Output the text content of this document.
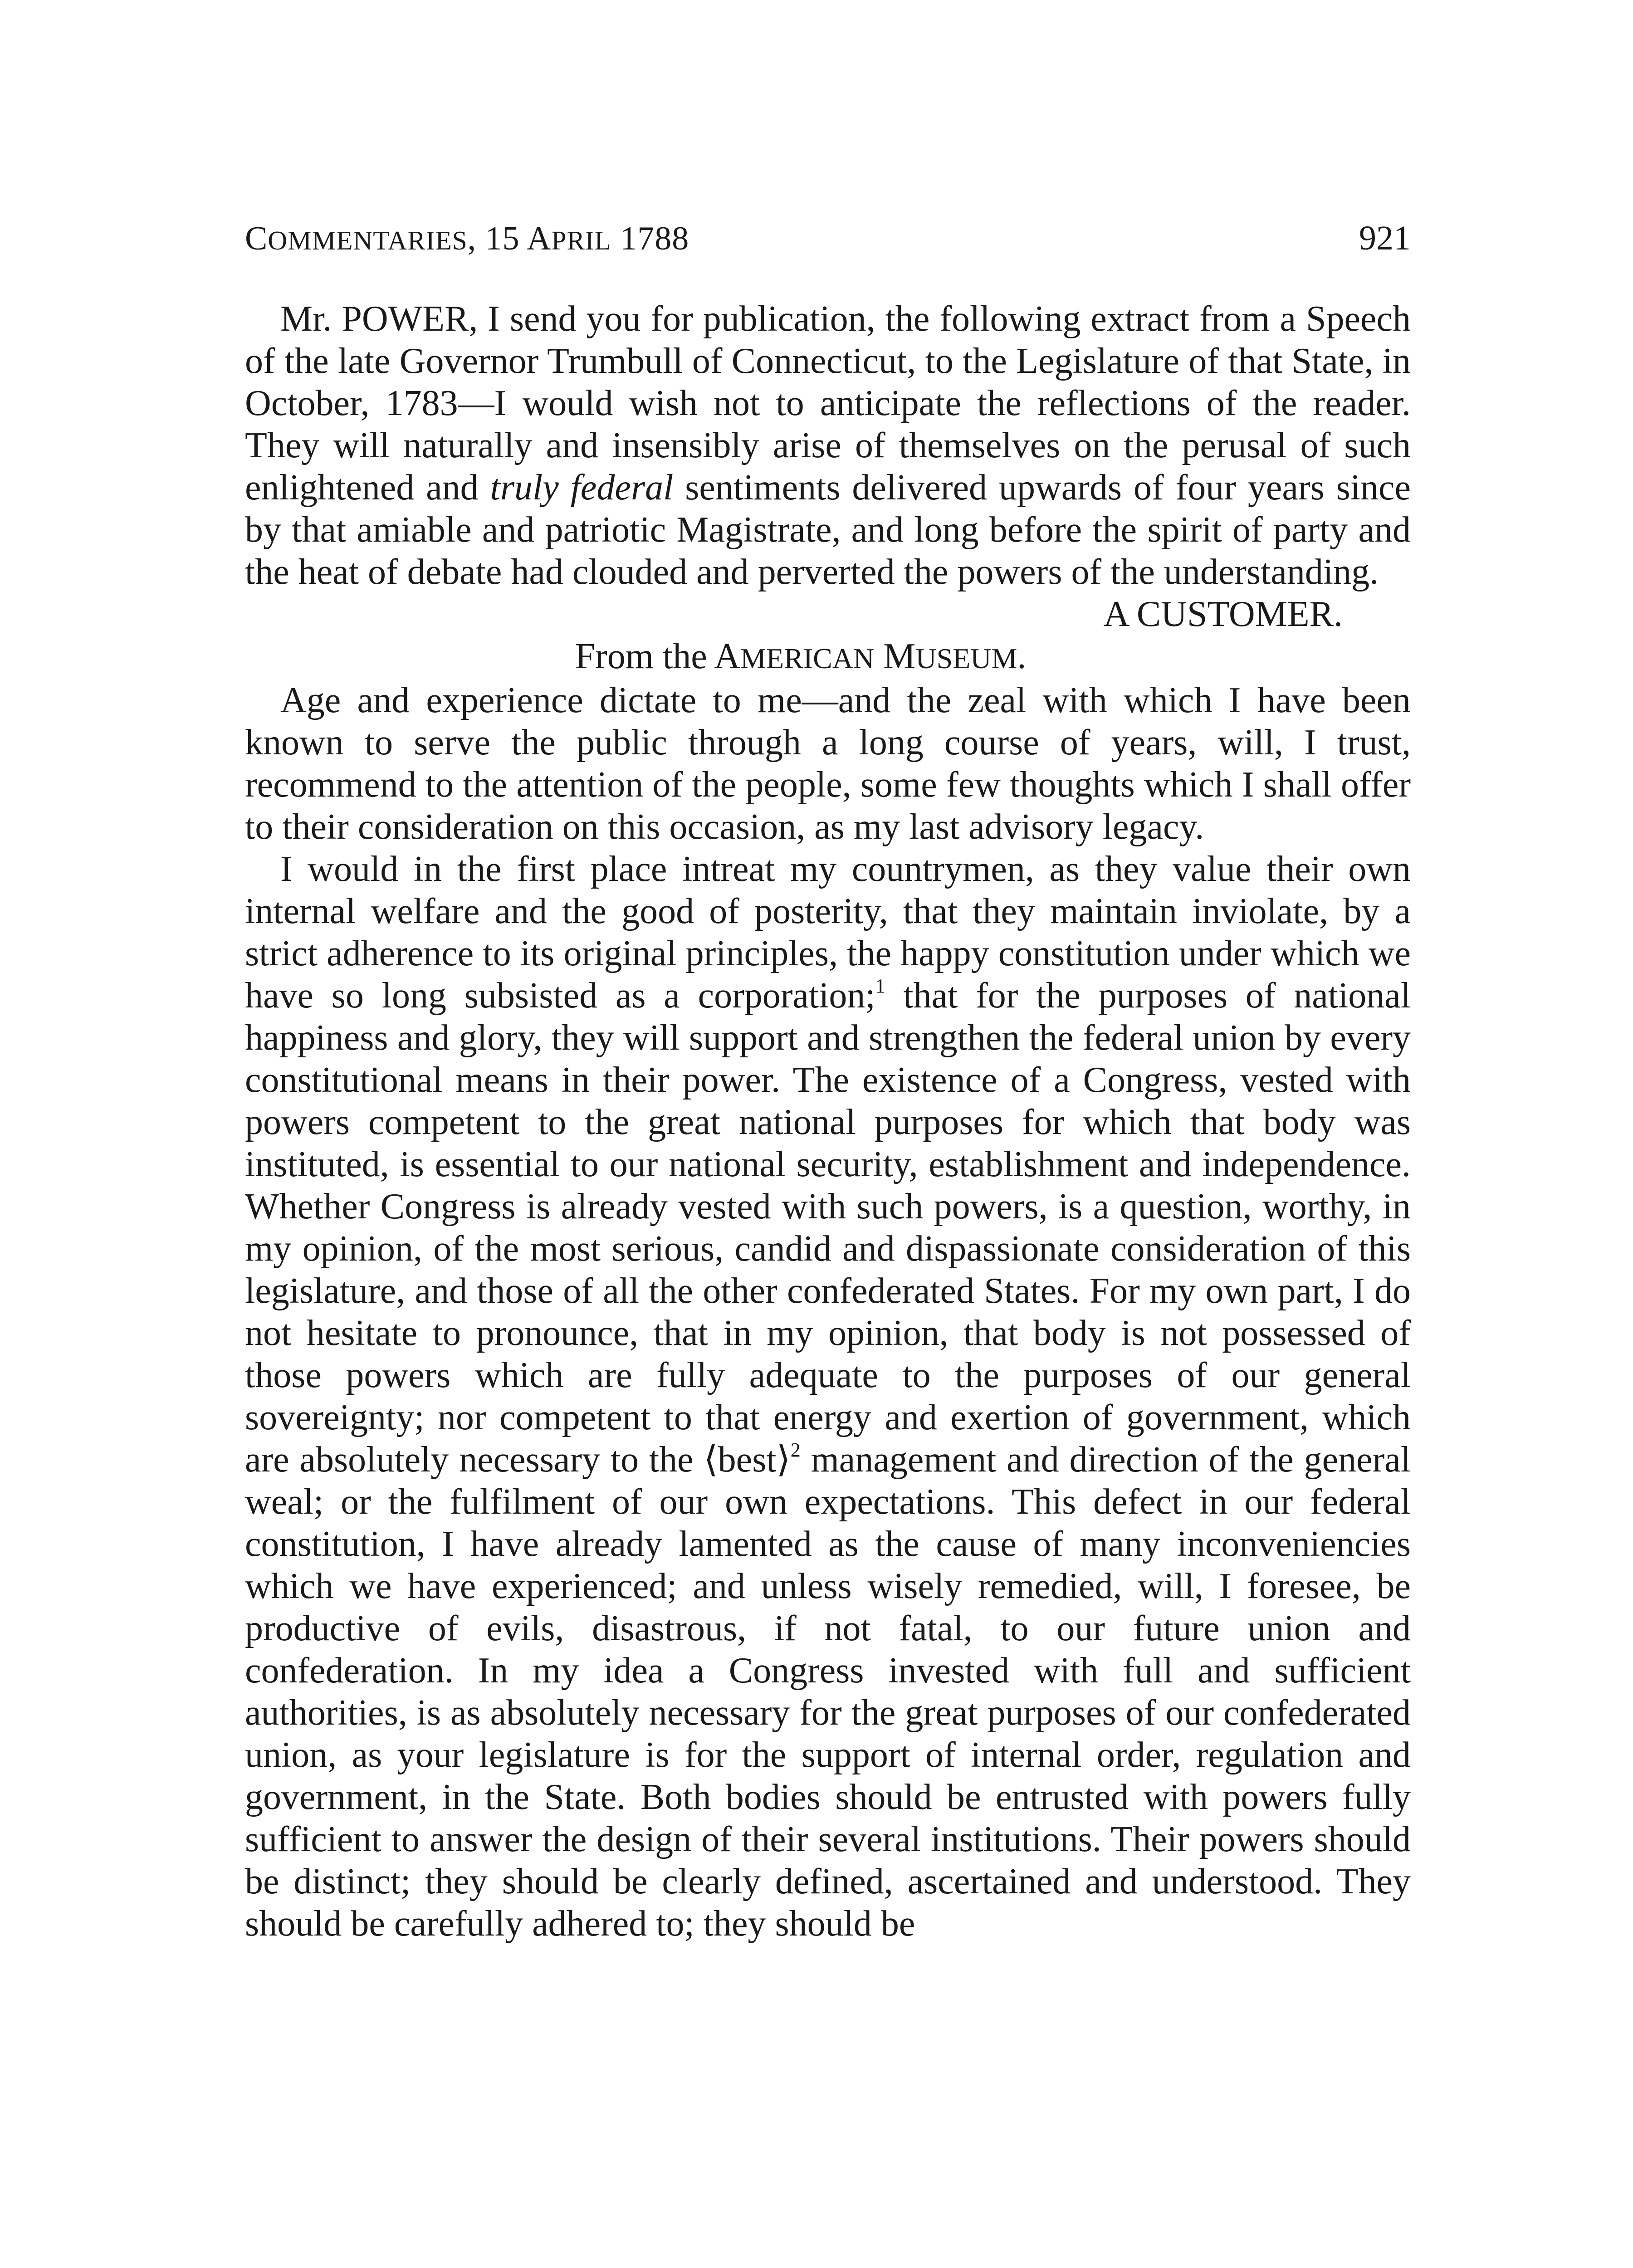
COMMENTARIES, 15 APRIL 1788	921

Mr. POWER, I send you for publication, the following extract from a Speech of the late Governor Trumbull of Connecticut, to the Legislature of that State, in October, 1783—I would wish not to anticipate the reflections of the reader. They will naturally and insensibly arise of themselves on the perusal of such enlightened and truly federal sentiments delivered upwards of four years since by that amiable and patriotic Magistrate, and long before the spirit of party and the heat of debate had clouded and perverted the powers of the understanding.

A CUSTOMER.

From the AMERICAN MUSEUM.

Age and experience dictate to me—and the zeal with which I have been known to serve the public through a long course of years, will, I trust, recommend to the attention of the people, some few thoughts which I shall offer to their consideration on this occasion, as my last advisory legacy.

I would in the first place intreat my countrymen, as they value their own internal welfare and the good of posterity, that they maintain inviolate, by a strict adherence to its original principles, the happy constitution under which we have so long subsisted as a corporation;$^1$ that for the purposes of national happiness and glory, they will support and strengthen the federal union by every constitutional means in their power. The existence of a Congress, vested with powers competent to the great national purposes for which that body was instituted, is essential to our national security, establishment and independence. Whether Congress is already vested with such powers, is a question, worthy, in my opinion, of the most serious, candid and dispassionate consideration of this legislature, and those of all the other confederated States. For my own part, I do not hesitate to pronounce, that in my opinion, that body is not possessed of those powers which are fully adequate to the purposes of our general sovereignty; nor competent to that energy and exertion of government, which are absolutely necessary to the ⟨best⟩$^2$ management and direction of the general weal; or the fulfilment of our own expectations. This defect in our federal constitution, I have already lamented as the cause of many inconveniencies which we have experienced; and unless wisely remedied, will, I foresee, be productive of evils, disastrous, if not fatal, to our future union and confederation. In my idea a Congress invested with full and sufficient authorities, is as absolutely necessary for the great purposes of our confederated union, as your legislature is for the support of internal order, regulation and government, in the State. Both bodies should be entrusted with powers fully sufficient to answer the design of their several institutions. Their powers should be distinct; they should be clearly defined, ascertained and understood. They should be carefully adhered to; they should be
